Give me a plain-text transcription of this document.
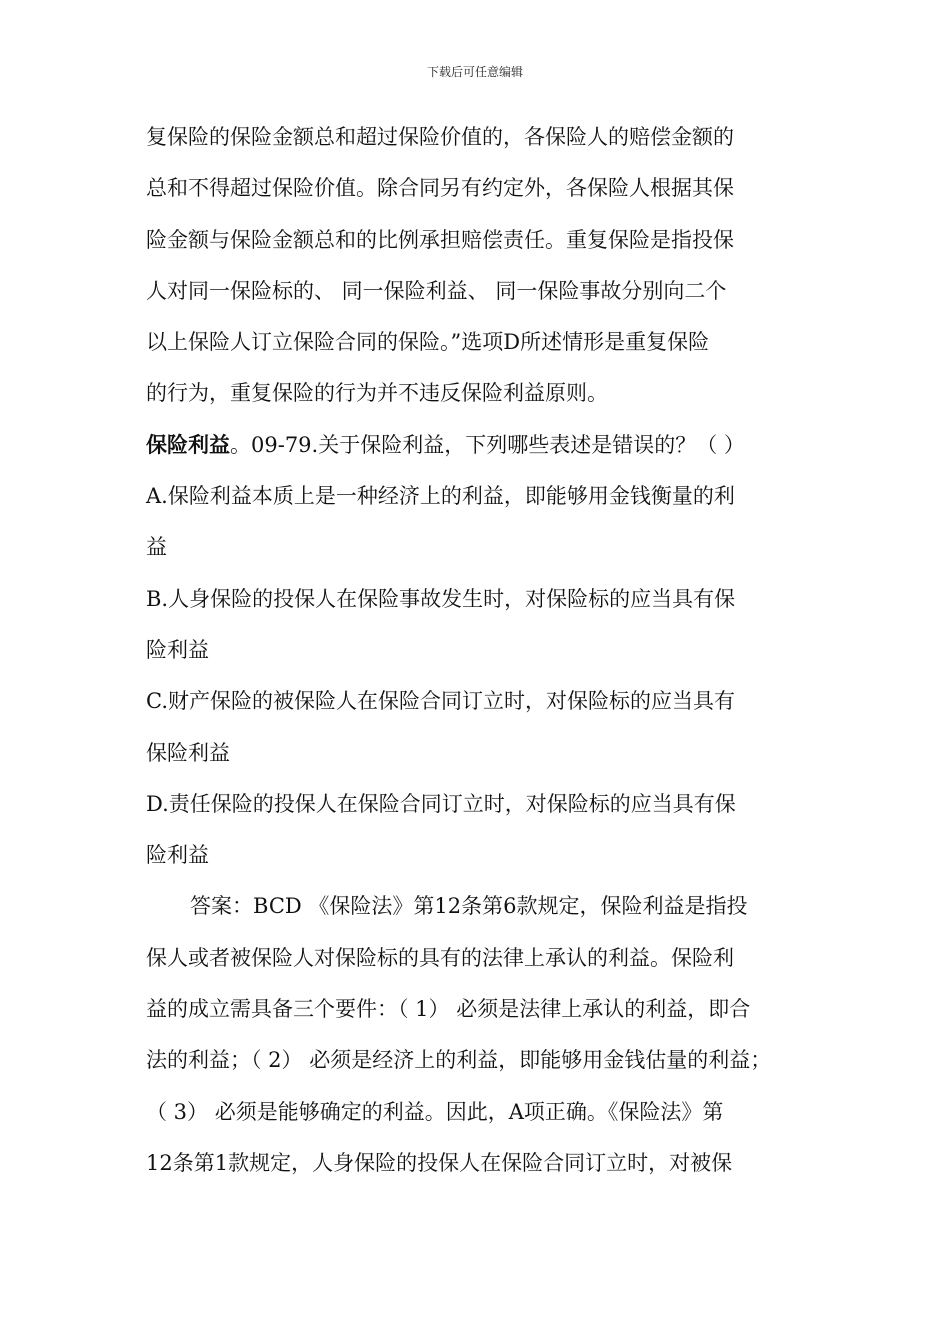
下载后可任意编辑
复保险的保险金额总和超过保险价值的，各保险人的赔偿金额的
总和不得超过保险价值。除合同另有约定外，各保险人根据其保
险金额与保险金额总和的比例承担赔偿责任。重复保险是指投保
人对同一保险标的、 同一保险利益、 同一保险事故分别向二个
以上保险人订立保险合同的保险。”选项D所述情形是重复保险
的行为，重复保险的行为并不违反保险利益原则。
保险利益。09-79.关于保险利益，下列哪些表述是错误的？（ ）
A.保险利益本质上是一种经济上的利益，即能够用金钱衡量的利
益
B.人身保险的投保人在保险事故发生时，对保险标的应当具有保
险利益
C.财产保险的被保险人在保险合同订立时，对保险标的应当具有
保险利益
D.责任保险的投保人在保险合同订立时，对保险标的应当具有保
险利益
答案：BCD 《保险法》第12条第6款规定，保险利益是指投
保人或者被保险人对保险标的具有的法律上承认的利益。保险利
益的成立需具备三个要件：（ 1） 必须是法律上承认的利益，即合
法的利益；（ 2） 必须是经济上的利益，即能够用金钱估量的利益；
（ 3） 必须是能够确定的利益。因此，A项正确。《保险法》第
12条第1款规定，人身保险的投保人在保险合同订立时，对被保
